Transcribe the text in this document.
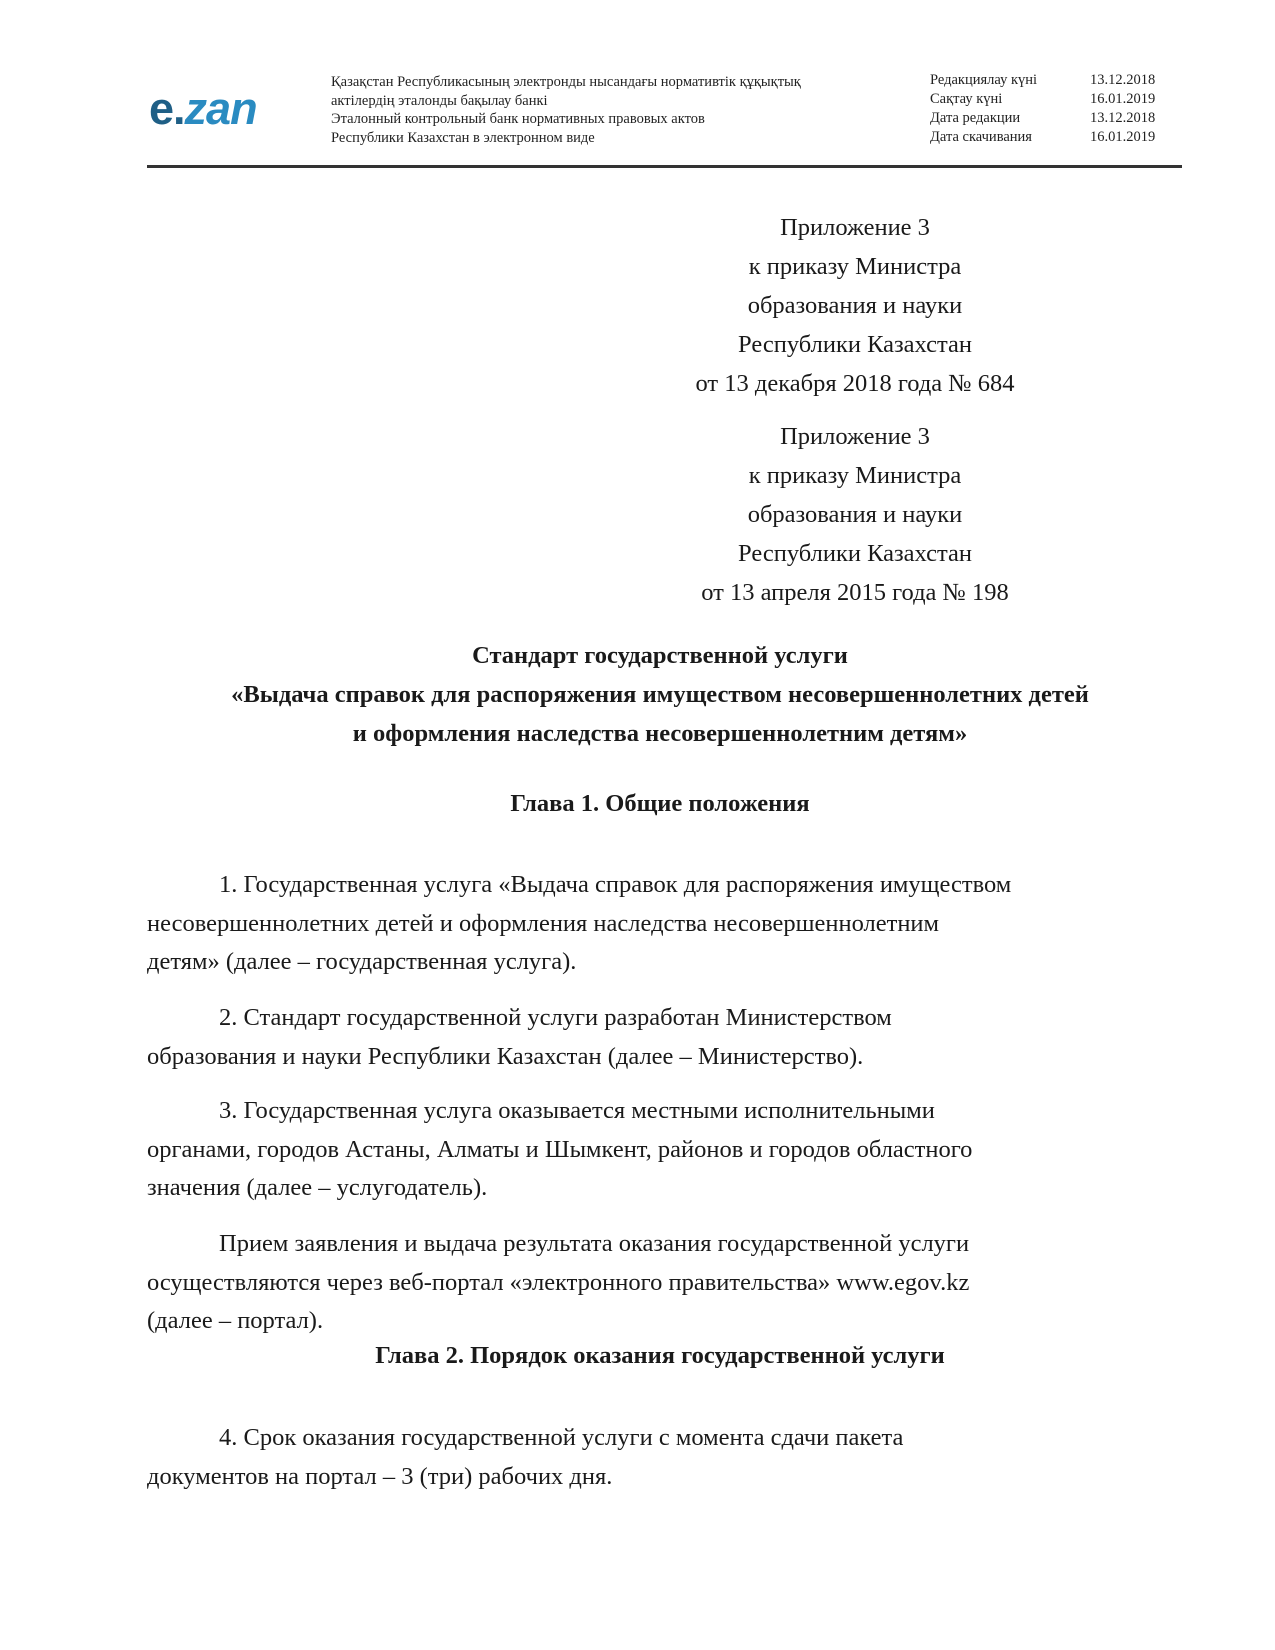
e.zan
Қазақстан Республикасының электронды нысандағы нормативтік құқықтық
актілердің эталонды бақылау банкі
Эталонный контрольный банк нормативных правовых актов
Республики Казахстан в электронном виде
Редакциялау күні	13.12.2018
Сақтау күні	16.01.2019
Дата редакции	13.12.2018
Дата скачивания	16.01.2019
Приложение 3
к приказу Министра
образования и науки
Республики Казахстан
от 13 декабря 2018 года № 684
Приложение 3
к приказу Министра
образования и науки
Республики Казахстан
от 13 апреля 2015 года № 198
Стандарт государственной услуги
«Выдача справок для распоряжения имуществом несовершеннолетних детей
и оформления наследства несовершеннолетним детям»
Глава 1. Общие положения
1. Государственная услуга «Выдача справок для распоряжения имуществом
несовершеннолетних детей и оформления наследства несовершеннолетним
детям» (далее – государственная услуга).
2. Стандарт государственной услуги разработан Министерством
образования и науки Республики Казахстан (далее – Министерство).
3. Государственная услуга оказывается местными исполнительными
органами, городов Астаны, Алматы и Шымкент, районов и городов областного
значения (далее – услугодатель).
Прием заявления и выдача результата оказания государственной услуги
осуществляются через веб-портал «электронного правительства» www.egov.kz
(далее – портал).
Глава 2. Порядок оказания государственной услуги
4. Срок оказания государственной услуги с момента сдачи пакета
документов на портал – 3 (три) рабочих дня.
